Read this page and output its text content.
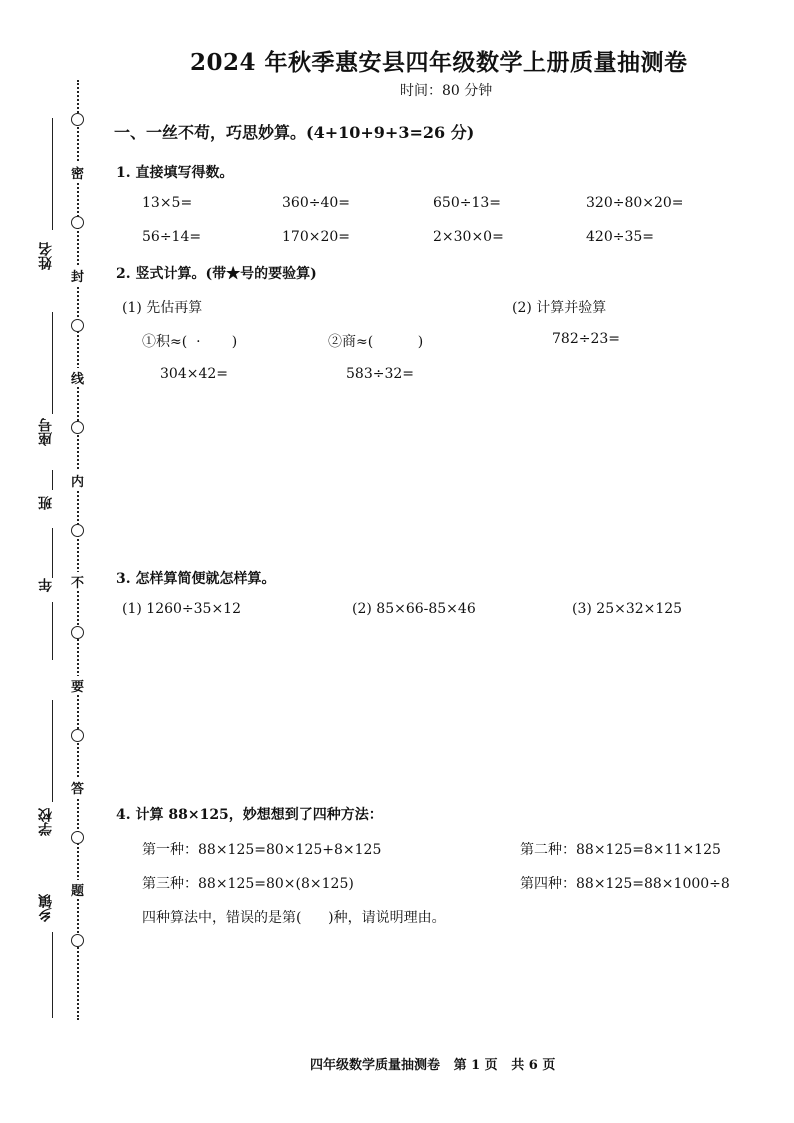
密
封
线
内
不
要
答
题
姓名
座号
班
年
学校
乡镇
2024 年秋季惠安县四年级数学上册质量抽测卷
时间：80 分钟
一、一丝不苟，巧思妙算。(4+10+9+3=26 分)
1. 直接填写得数。
13×5=	360÷40=	650÷13=	320÷80×20=
56÷14=	170×20=	2×30×0=	420÷35=
2. 竖式计算。(带★号的要验算)
(1) 先估再算	(2) 计算并验算
①积≈(  ·       )	②商≈(          )	782÷23=
304×42=	583÷32=
3. 怎样算简便就怎样算。
(1) 1260÷35×12	(2) 85×66-85×46	(3) 25×32×125
4. 计算 88×125，妙想想到了四种方法：
第一种：88×125=80×125+8×125	第二种：88×125=8×11×125
第三种：88×125=80×(8×125)	第四种：88×125=88×1000÷8
四种算法中，错误的是第(      )种，请说明理由。
四年级数学质量抽测卷   第 1 页   共 6 页
